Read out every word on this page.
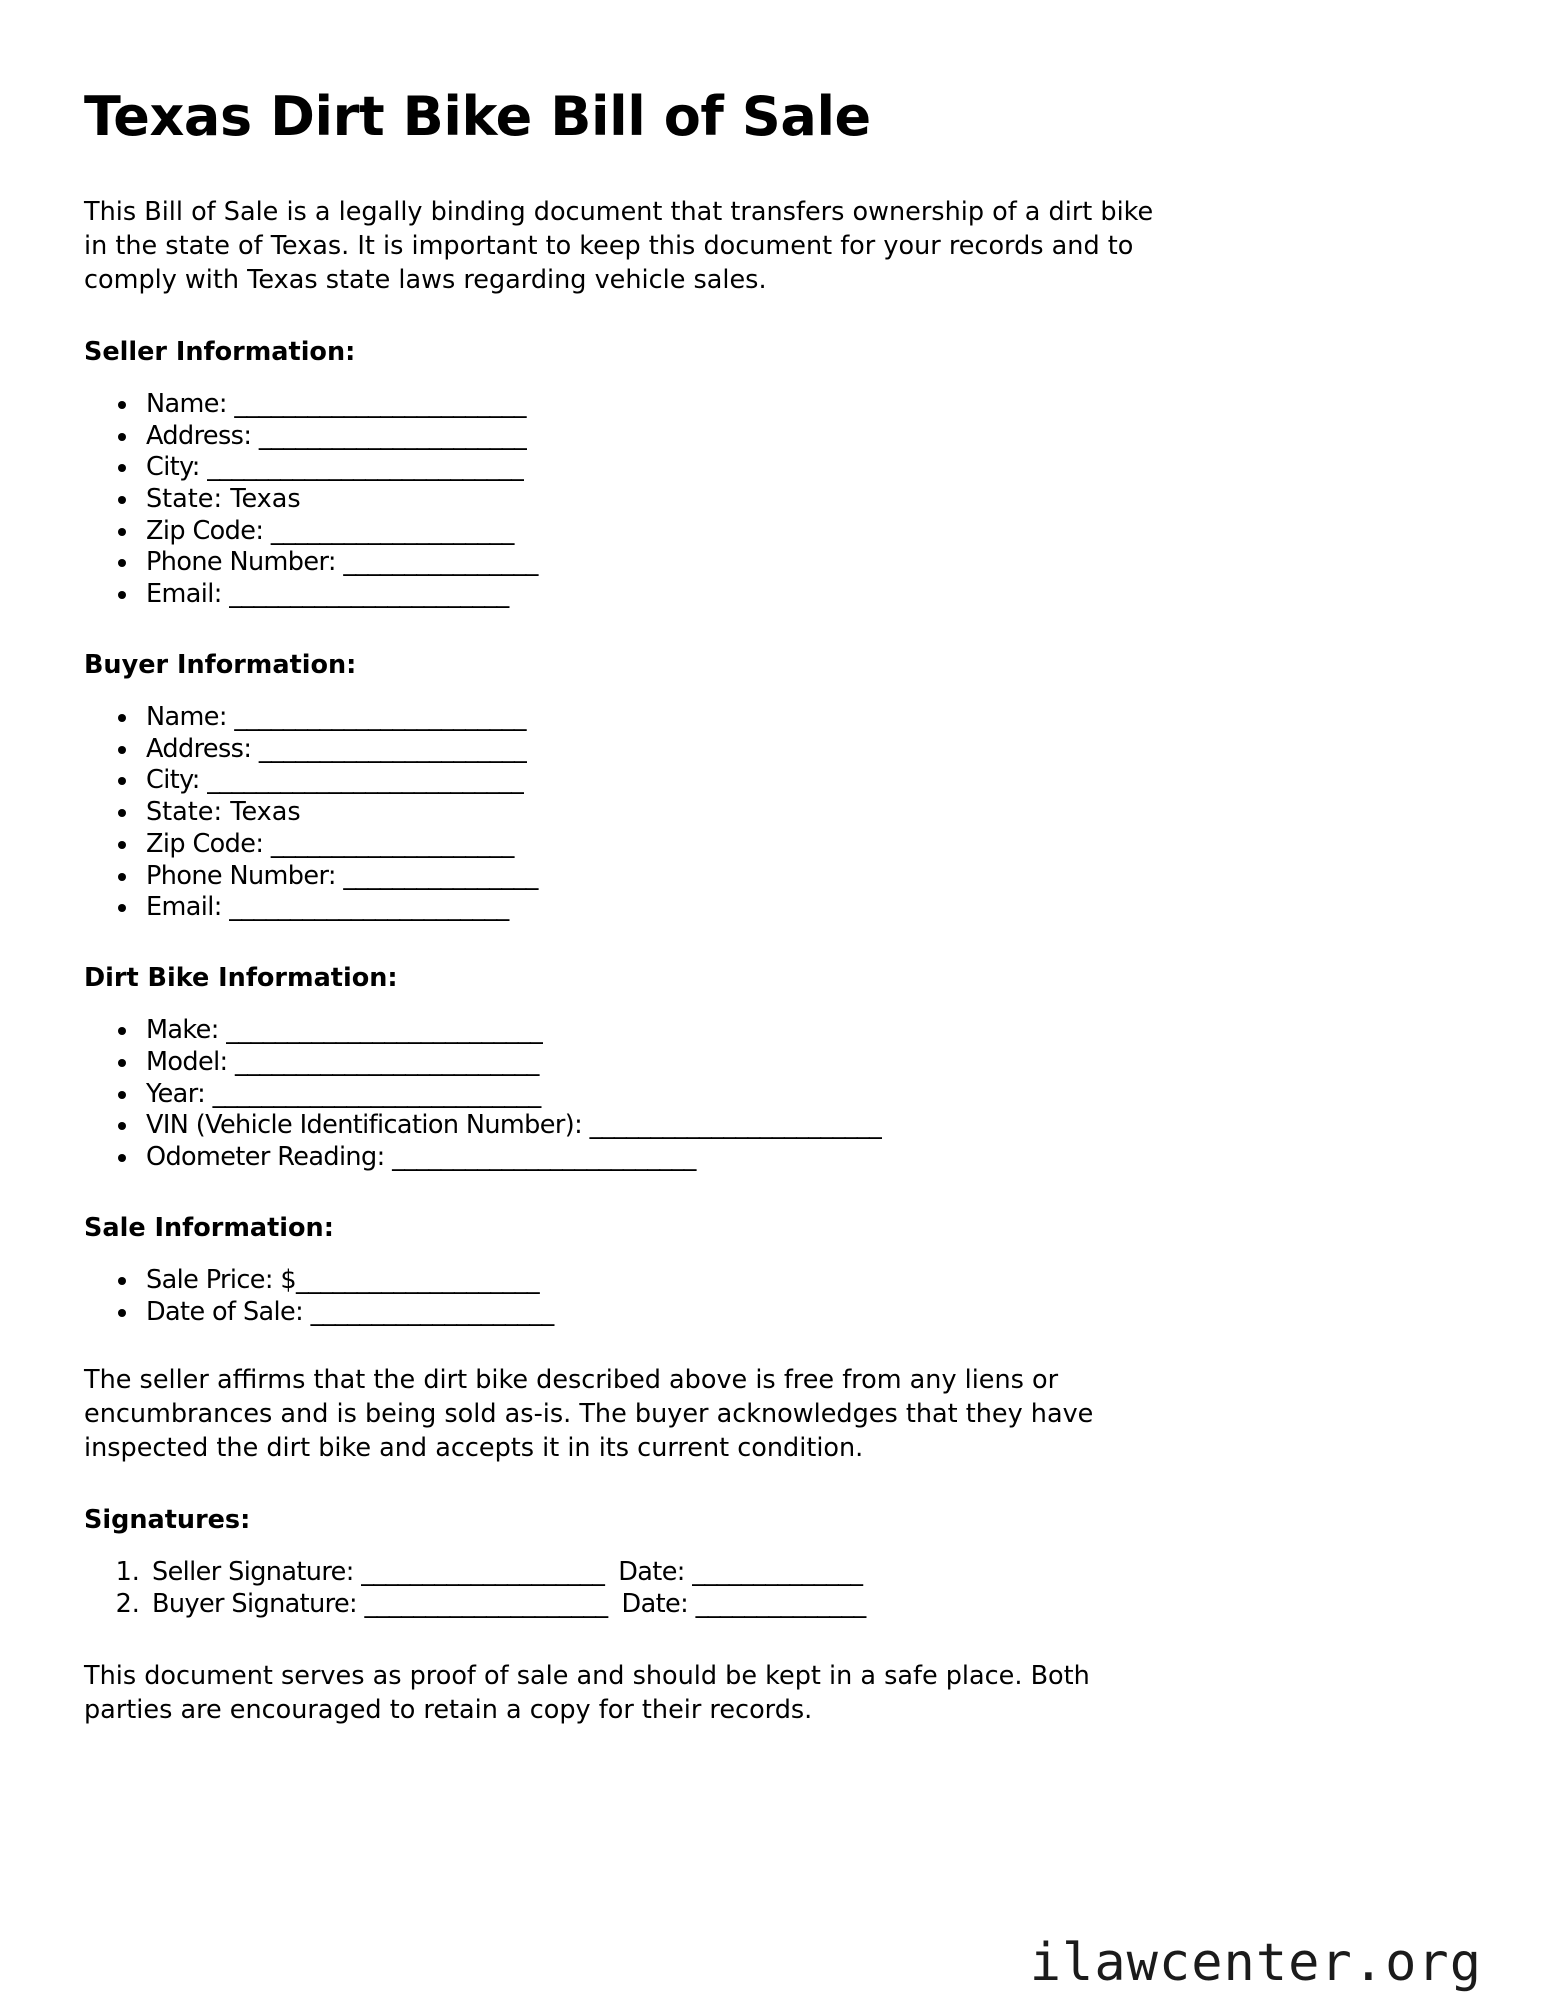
Texas Dirt Bike Bill of Sale

This Bill of Sale is a legally binding document that transfers ownership of a dirt bike in the state of Texas. It is important to keep this document for your records and to comply with Texas state laws regarding vehicle sales.

Seller Information:
• Name: ________________________
• Address: ______________________
• City: __________________________
• State: Texas
• Zip Code: ____________________
• Phone Number: ________________
• Email: _______________________
Buyer Information:
• Name: ________________________
• Address: ______________________
• City: __________________________
• State: Texas
• Zip Code: ____________________
• Phone Number: ________________
• Email: _______________________
Dirt Bike Information:
• Make: __________________________
• Model: _________________________
• Year: ___________________________
• VIN (Vehicle Identification Number): ________________________
• Odometer Reading: _________________________
Sale Information:
• Sale Price: $____________________
• Date of Sale: ____________________

The seller affirms that the dirt bike described above is free from any liens or encumbrances and is being sold as-is. The buyer acknowledges that they have inspected the dirt bike and accepts it in its current condition.

Signatures:
1. Seller Signature: ____________________ Date: ______________
2. Buyer Signature: ____________________ Date: ______________

This document serves as proof of sale and should be kept in a safe place. Both parties are encouraged to retain a copy for their records.

ilawcenter.org
